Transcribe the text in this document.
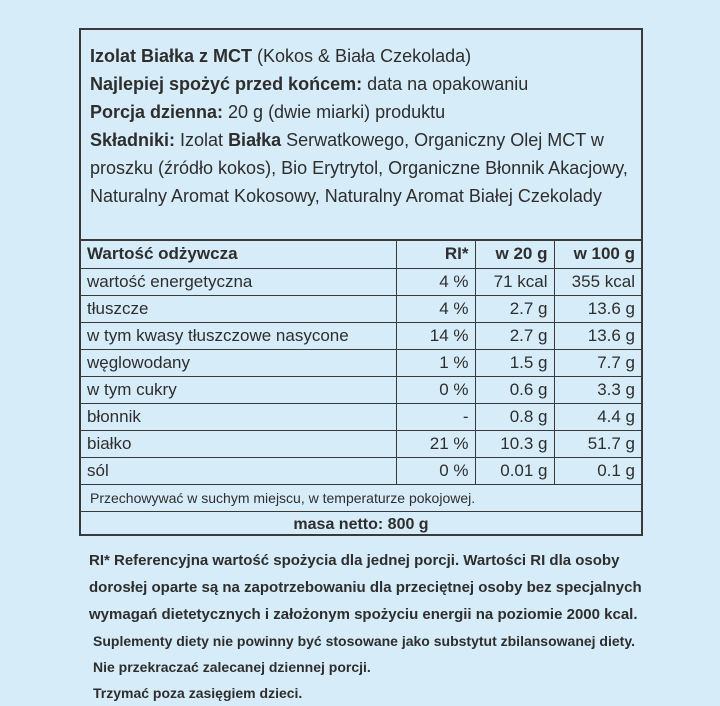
Izolat Białka z MCT (Kokos & Biała Czekolada)
Najlepiej spożyć przed końcem: data na opakowaniu
Porcja dzienna: 20 g (dwie miarki) produktu
Składniki: Izolat Białka Serwatkowego, Organiczny Olej MCT w proszku (źródło kokos), Bio Erytrytol, Organiczne Błonnik Akacjowy, Naturalny Aromat Kokosowy, Naturalny Aromat Białej Czekolady
Wartość odżywcza	RI*	w 20 g	w 100 g
wartość energetyczna	4 %	71 kcal	355 kcal
tłuszcze	4 %	2.7 g	13.6 g
w tym kwasy tłuszczowe nasycone	14 %	2.7 g	13.6 g
węglowodany	1 %	1.5 g	7.7 g
w tym cukry	0 %	0.6 g	3.3 g
błonnik	-	0.8 g	4.4 g
białko	21 %	10.3 g	51.7 g
sól	0 %	0.01 g	0.1 g
Przechowywać w suchym miejscu, w temperaturze pokojowej.
masa netto: 800 g
RI* Referencyjna wartość spożycia dla jednej porcji. Wartości RI dla osoby
dorosłej oparte są na zapotrzebowaniu dla przeciętnej osoby bez specjalnych
wymagań dietetycznych i założonym spożyciu energii na poziomie 2000 kcal.
Suplementy diety nie powinny być stosowane jako substytut zbilansowanej diety.
Nie przekraczać zalecanej dziennej porcji.
Trzymać poza zasięgiem dzieci.
